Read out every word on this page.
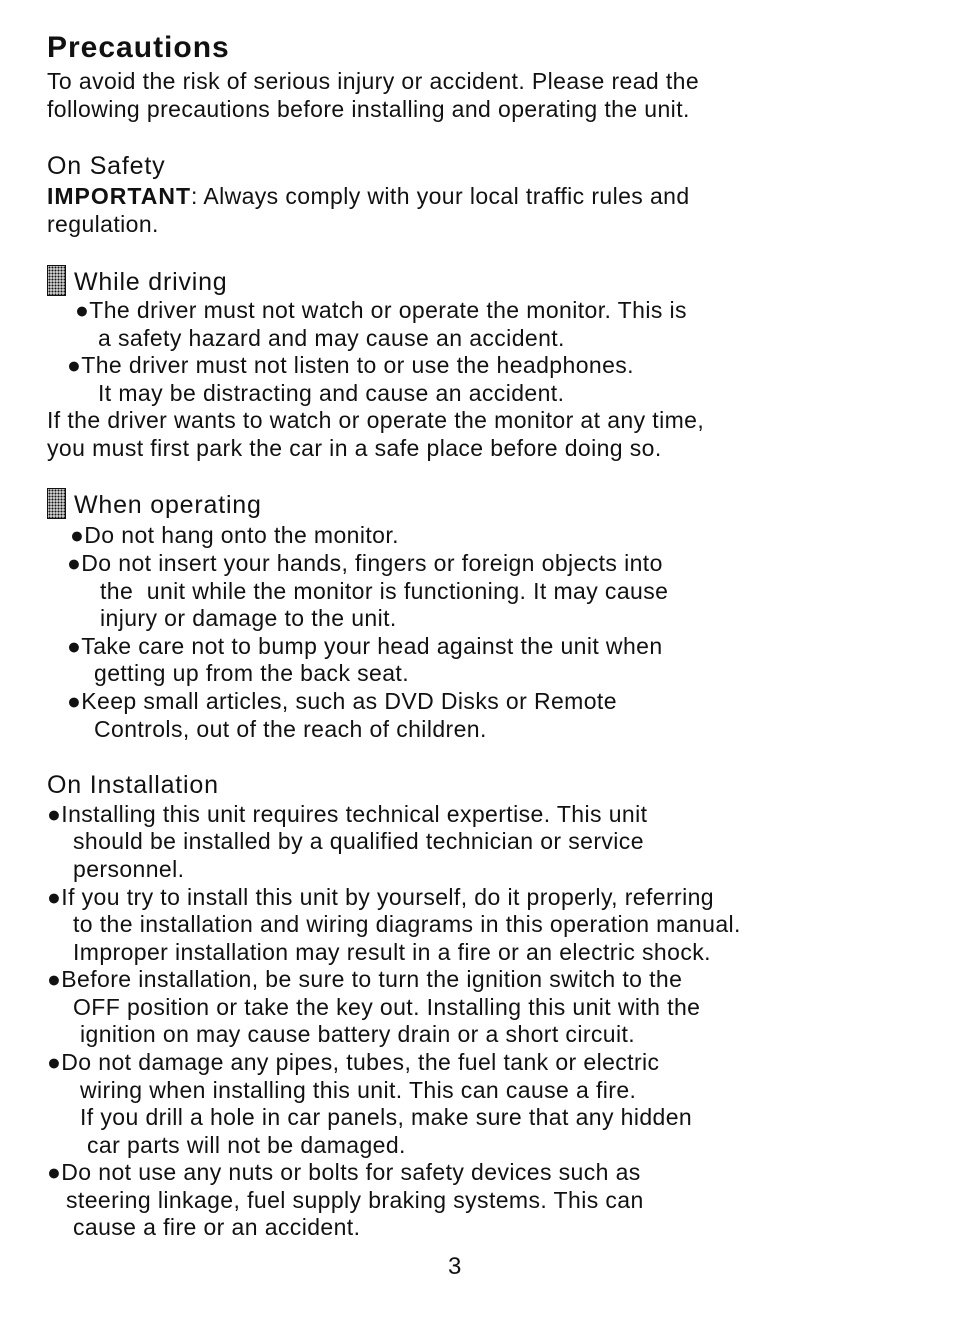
Precautions
To avoid the risk of serious injury or accident. Please read the
following precautions before installing and operating the unit.
On Safety
IMPORTANT: Always comply with your local traffic rules and
regulation.
While driving
●The driver must not watch or operate the monitor. This is
a safety hazard and may cause an accident.
●The driver must not listen to or use the headphones.
It may be distracting and cause an accident.
If the driver wants to watch or operate the monitor at any time,
you must first park the car in a safe place before doing so.
When operating
●Do not hang onto the monitor.
●Do not insert your hands, fingers or foreign objects into
the  unit while the monitor is functioning. It may cause
injury or damage to the unit.
●Take care not to bump your head against the unit when
getting up from the back seat.
●Keep small articles, such as DVD Disks or Remote
Controls, out of the reach of children.
On Installation
●Installing this unit requires technical expertise. This unit
should be installed by a qualified technician or service
personnel.
●If you try to install this unit by yourself, do it properly, referring
to the installation and wiring diagrams in this operation manual.
Improper installation may result in a fire or an electric shock.
●Before installation, be sure to turn the ignition switch to the
OFF position or take the key out. Installing this unit with the
ignition on may cause battery drain or a short circuit.
●Do not damage any pipes, tubes, the fuel tank or electric
wiring when installing this unit. This can cause a fire.
If you drill a hole in car panels, make sure that any hidden
car parts will not be damaged.
●Do not use any nuts or bolts for safety devices such as
steering linkage, fuel supply braking systems. This can
cause a fire or an accident.
3
